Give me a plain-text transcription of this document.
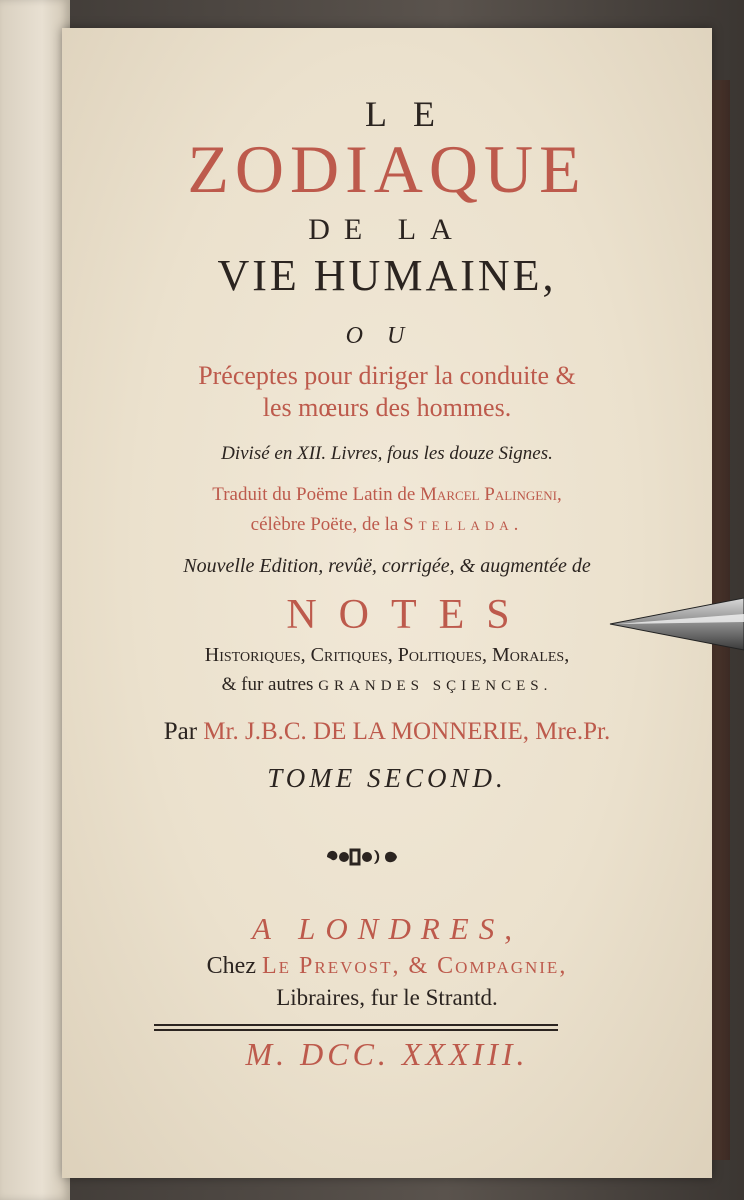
LE
ZODIAQUE
DE LA
VIE HUMAINE,
OU
Préceptes pour diriger la conduite &
les mœurs des hommes.
Divisé en XII. Livres, fous les douze Signes.
Traduit du Poëme Latin de Marcel Palingeni,
célèbre Poëte, de la Stellada.
Nouvelle Edition, revûë, corrigée, & augmentée de
NOTES
Historiques, Critiques, Politiques, Morales,
& fur autres GRANDES SÇIENCES.
Par Mr. J.B.C. DE LA MONNERIE, Mre.Pr.
TOME SECOND.
A LONDRES,
Chez Le Prevost, & Compagnie,
Libraires, fur le Strantd.
M. DCC. XXXIII.
